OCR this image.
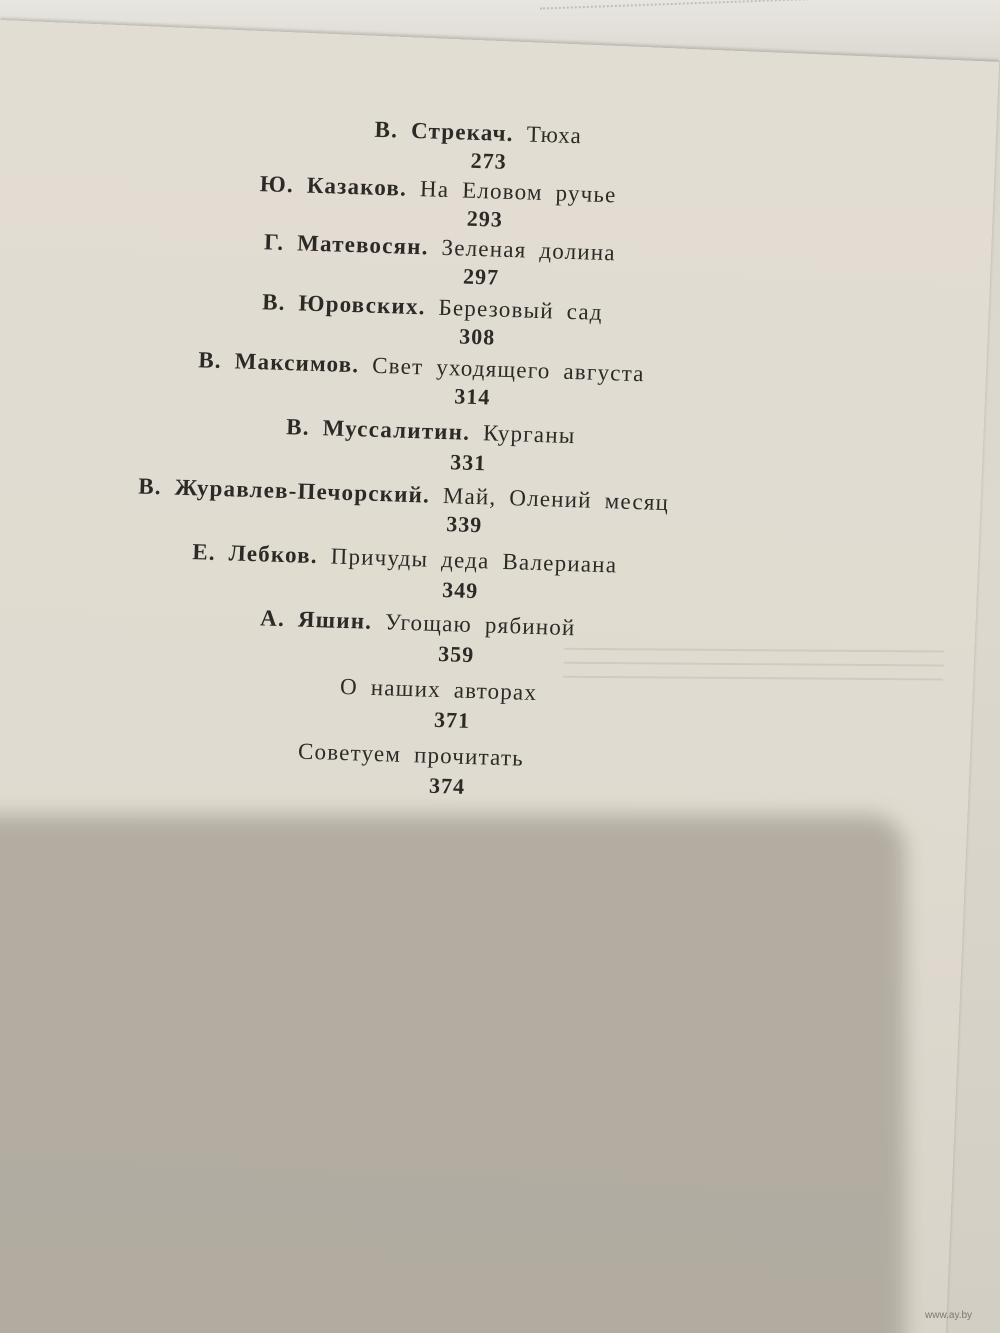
В. Стрекач. Тюха
273
Ю. Казаков. На Еловом ручье
293
Г. Матевосян. Зеленая долина
297
В. Юровских. Березовый сад
308
В. Максимов. Свет уходящего августа
314
В. Муссалитин. Курганы
331
В. Журавлев-Печорский. Май, Олений месяц
339
Е. Лебков. Причуды деда Валериана
349
А. Яшин. Угощаю рябиной
359
О наших авторах
371
Советуем прочитать
374
www.ay.by
